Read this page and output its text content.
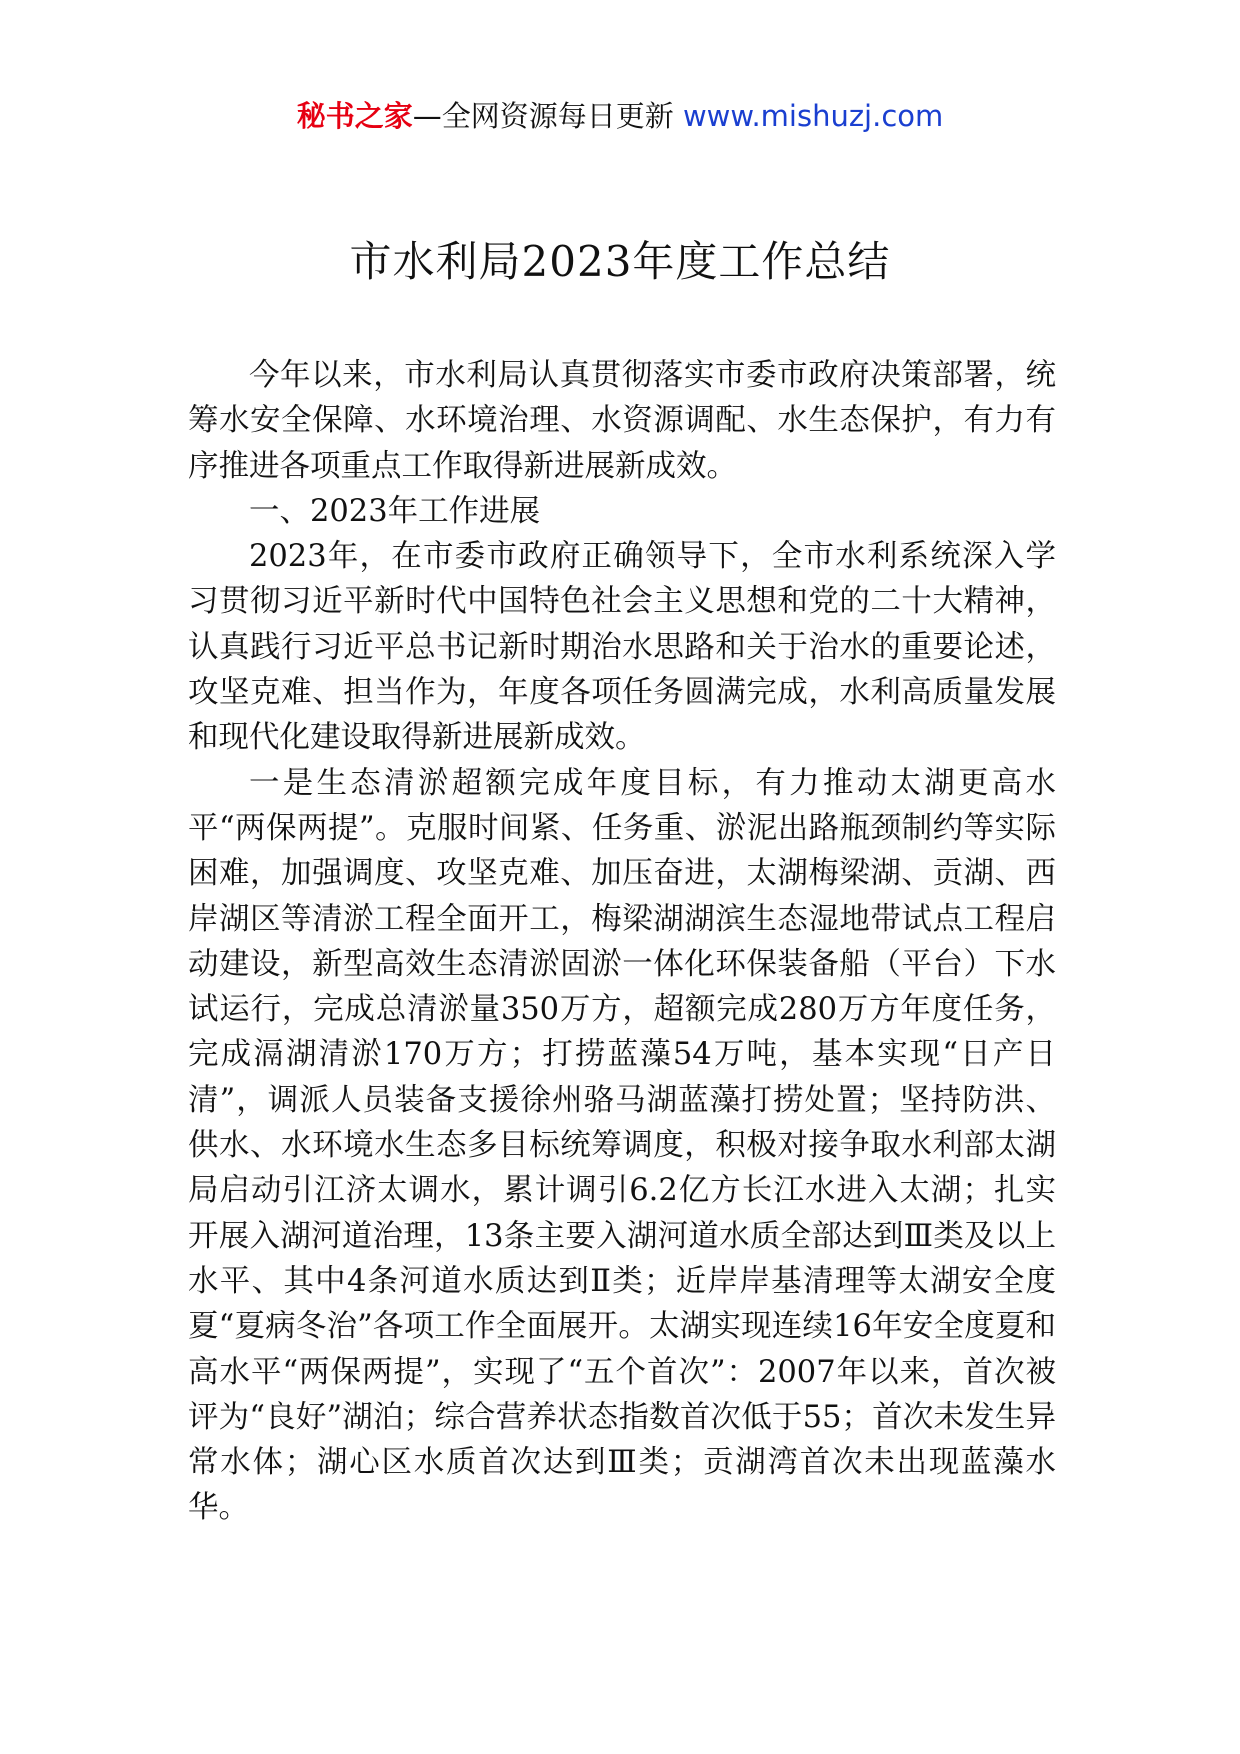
秘书之家—全网资源每日更新 www.mishuzj.com
市水利局2023年度工作总结

今年以来，市水利局认真贯彻落实市委市政府决策部署，统筹水安全保障、水环境治理、水资源调配、水生态保护，有力有序推进各项重点工作取得新进展新成效。

一、2023年工作进展

2023年，在市委市政府正确领导下，全市水利系统深入学习贯彻习近平新时代中国特色社会主义思想和党的二十大精神，认真践行习近平总书记新时期治水思路和关于治水的重要论述，攻坚克难、担当作为，年度各项任务圆满完成，水利高质量发展和现代化建设取得新进展新成效。

一是生态清淤超额完成年度目标，有力推动太湖更高水平“两保两提”。克服时间紧、任务重、淤泥出路瓶颈制约等实际困难，加强调度、攻坚克难、加压奋进，太湖梅梁湖、贡湖、西岸湖区等清淤工程全面开工，梅梁湖湖滨生态湿地带试点工程启动建设，新型高效生态清淤固淤一体化环保装备船（平台）下水试运行，完成总清淤量350万方，超额完成280万方年度任务，完成滆湖清淤170万方；打捞蓝藻54万吨，基本实现“日产日清”，调派人员装备支援徐州骆马湖蓝藻打捞处置；坚持防洪、供水、水环境水生态多目标统筹调度，积极对接争取水利部太湖局启动引江济太调水，累计调引6.2亿方长江水进入太湖；扎实开展入湖河道治理，13条主要入湖河道水质全部达到Ⅲ类及以上水平、其中4条河道水质达到Ⅱ类；近岸岸基清理等太湖安全度夏“夏病冬治”各项工作全面展开。太湖实现连续16年安全度夏和高水平“两保两提”，实现了“五个首次”：2007年以来，首次被评为“良好”湖泊；综合营养状态指数首次低于55；首次未发生异常水体；湖心区水质首次达到Ⅲ类；贡湖湾首次未出现蓝藻水华。
